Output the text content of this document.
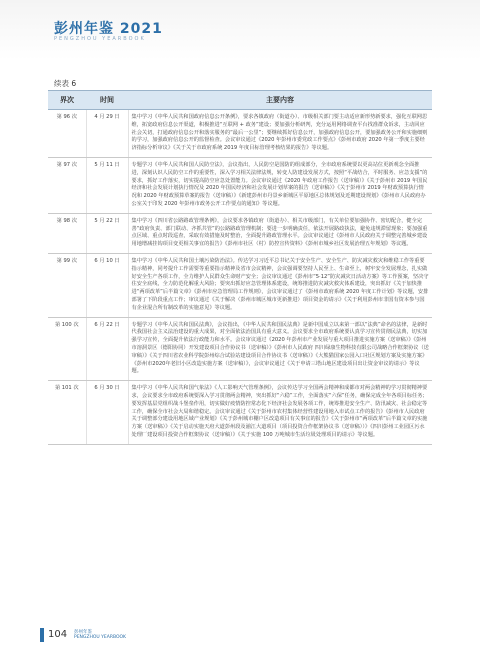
彭州年鉴 2021
PENGZHOU YEARBOOK
续表 6
界次	时间	主要内容
第 96 次	4 月 29 日	集中学习《中华人民共和国政府信息公开条例》，要求各镇政府（街道办）、市级相关部门要主动适应新形势新要求，强化互联网思维，拓宽政府信息公开渠道，积极推进“互联网 + 政务”建设；要加强分析研判，充分运用网络调查平台找准群众诉求，主动回应社会关切，打通政府信息公开和落实服务的“最后一公里”；要继续抓好信息公开，加强政府信息公开，要加强政务公开和实施细则的学习，加强政府信息公开的监督检查。会议审议通过《2020 年彭州市委党政工作要点》《彭州市政府 2020 年第一季度主要经济指标分析审议》《关于关于市政府系统 2019 年度目标管理考核结果的报告》等议题。
第 97 次	5 月 11 日	专题学习《中华人民共和国人民防空法》，会议指出，人民防空是国防的组成部分，全市政府系统要以更高站位更新观念全面推进，深刻认识人民防空工作的重要性，深入学习相关法律法规，转变人防建设发展方式，按照“平战结合，平时服务、应急支援”的要求，抓好工作落实，切实提高防空应急处置能力。会议审议通过《2020 年政府工作报告（送审稿）》《关于彭州市 2019 年国民经济和社会发展计划执行情况及 2020 年国民经济和社会发展计划草案的报告（送审稿）》《关于彭州市 2019 年财政预算执行情况和 2020 年财政预算草案的报告（送审稿）》《新建彭州市丹景乡新城区平原地区总体规划及近期建设规划》《彭州市人民政府办公室关于印发 2020 年彭州市政务公开工作要点的通知》等议题。
第 98 次	5 月 22 日	集中学习《四川省公路路政管理条例》，会议要求各镇政府（街道办）、相关市级部门，有关单位要加强协作、密切配合，健全完善“政府负责、部门联动、齐抓共管”的公路路政管理机制；要进一步明确责任，依法开展路政执法，避免违规滞留现象；要加强重点区域、重点时段巡查，采取有效措施及时整治，全面提升路政管理水平。会议审议通过《彭州市人民政府关于调整完善城乡建设用地增减挂钩项目变更相关事宜的报告》《彭州市社区（村）防控宣传资料》《彭州市城乡社区发展治理五年规划》等议题。
第 99 次	6 月 10 日	集中学习《中华人民共和国土壤污染防治法》。传达学习习近平总书记关于安全生产、安全生产、防灾减灾救灾和维稳工作等重要指示精神，同考提升工作需要等重要指示精神及省市会议精神，会议强调要坚持人民至上、生命至上，树牢安全发展理念，扎实做好安全生产各项工作，全力维护人民群众生命财产安全；会议审议通过《彭州市“5·12”防灾减灾日活动方案》等工作预案，坚决守住安全底线，全力防范化解重大风险；要突出抓好应急管理体系建设，统筹推进防灾减灾救灾体系建设，突出抓好《关于加快推进“两项改革”后半篇文章》《彭州市应急管理局工作规则》，会议审议通过了《彭州市政府系统 2020 年度工作计划》等议题，安排部署了下阶段重点工作；审议通过《关于解决（彭州市城区城市更新推进）项目资金的请示》《关于利用彭州市非国有资本参与国有企业混合所有制改革的实施意见》等议题。
第 100 次	6 月 22 日	专题学习《中华人民共和国民法典》，会议指出，《中华人民共和国民法典》是新中国成立以来第一部以“法典”命名的法律，是新时代我国社会主义法治建设的重大成果，对全面依法治国具有重大意义。会议要求全市政府系统要认真学习宣传贯彻民法典，切实加强学习宣传，全面提升依法行政能力和水平。会议审议通过《2020 年彭州市产业发展与重大项目推进实施方案（送审稿）》《彭州市溶洞景区（德阳协同）开发建设项目合作协议书（送审稿）》《彭州市人民政府 四川绿康生物科技有限公司战略合作框架协议（送审稿）》《关于四川省农业科学院彭州综合试验站建设项目合作协议书（送审稿）》《大熊猫国家公园入口社区规划方案及实施方案》《彭州市2020年老旧小区改造实施方案（送审稿）》，会议审议通过《关于申请三塔山地区建设项目出让资金审议的请示》等议题。
第 101 次	6 月 30 日	集中学习《中华人民共和国气象法》《人工影响天气管理条例》，会议传达学习全国两会精神和成都市对两会精神的学习贯彻精神要求，会议要求全市政府系统要深入学习贯彻两会精神，突出抓好“六稳”工作，全面落实“六保”任务，确保完成全年各项目标任务；要发挥基层党组织战斗堡垒作用，切实做好疫情防控常态化下经济社会发展各项工作，统筹推进安全生产、防汛减灾、社会稳定等工作，确保全市社会大局和谐稳定。会议审议通过《关于彭州市农村集体经营性建设用地入市试点工作的报告》《彭州市人民政府关于调整部分建设用地区域产业规划》《关于彭州城市棚户区改造项目有关事宜的报告》《关于彭州市“两项改革”后半篇文章的实施方案（送审稿）》《关于启动实施天府大道彭州段及湔江大道项目（项目投资合作框架协议书（送审稿））》《四川彭州工业园区污水处理厂建设项目投资合作框架协议（送审稿）》《关于实施 100 万吨城市生活垃圾处理项目的请示》等议题。
104 彭州年鉴
PENGZHOU YEARBOOK
